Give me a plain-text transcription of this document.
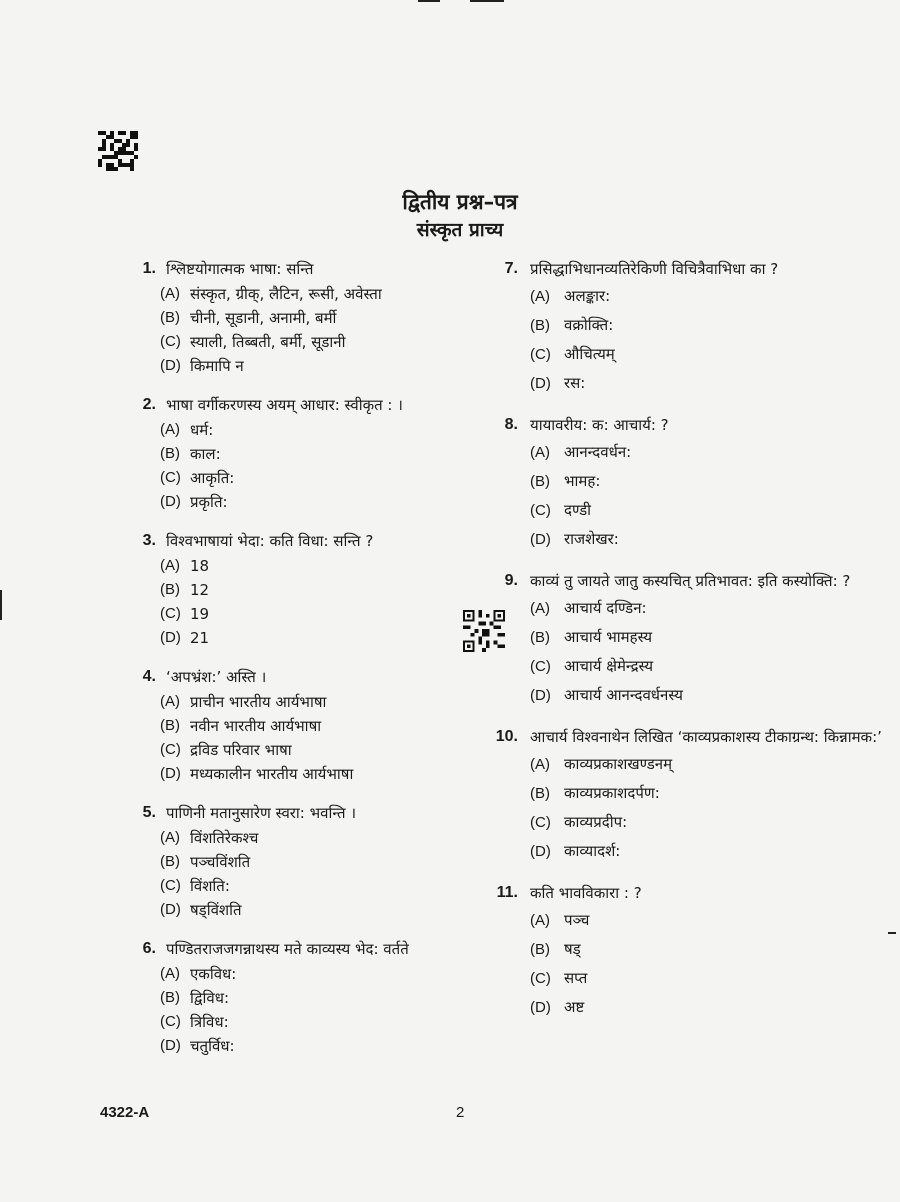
द्वितीय प्रश्न–पत्र
संस्कृत प्राच्य
1. श्लिष्टयोगात्मक भाषा: सन्ति
(A) संस्कृत, ग्रीक्, लैटिन, रूसी, अवेस्ता
(B) चीनी, सूडानी, अनामी, बर्मी
(C) स्याली, तिब्बती, बर्मी, सूडानी
(D) किमापि न
2. भाषा वर्गीकरणस्य अयम् आधार: स्वीकृत : ।
(A) धर्म:
(B) काल:
(C) आकृति:
(D) प्रकृति:
3. विश्वभाषायां भेदा: कति विधा: सन्ति ?
(A) 18
(B) 12
(C) 19
(D) 21
4. ‘अपभ्रंश:’ अस्ति ।
(A) प्राचीन भारतीय आर्यभाषा
(B) नवीन भारतीय आर्यभाषा
(C) द्रविड परिवार भाषा
(D) मध्यकालीन भारतीय आर्यभाषा
5. पाणिनी मतानुसारेण स्वरा: भवन्ति ।
(A) विंशतिरेकश्च
(B) पञ्चविंशति
(C) विंशति:
(D) षड्विंशति
6. पण्डितराजजगन्नाथस्य मते काव्यस्य भेद: वर्तते
(A) एकविध:
(B) द्विविध:
(C) त्रिविध:
(D) चतुर्विध:
7. प्रसिद्धाभिधानव्यतिरेकिणी विचित्रैवाभिधा का ?
(A) अलङ्कार:
(B) वक्रोक्ति:
(C) औचित्यम्
(D) रस:
8. यायावरीय: क: आचार्य: ?
(A) आनन्दवर्धन:
(B) भामह:
(C) दण्डी
(D) राजशेखर:
9. काव्यं तु जायते जातु कस्यचित् प्रतिभावत: इति कस्योक्ति: ?
(A) आचार्य दण्डिन:
(B) आचार्य भामहस्य
(C) आचार्य क्षेमेन्द्रस्य
(D) आचार्य आनन्दवर्धनस्य
10. आचार्य विश्वनाथेन लिखित ‘काव्यप्रकाशस्य टीकाग्रन्थ: किन्नामक:’
(A) काव्यप्रकाशखण्डनम्
(B) काव्यप्रकाशदर्पण:
(C) काव्यप्रदीप:
(D) काव्यादर्श:
11. कति भावविकारा : ?
(A) पञ्च
(B) षड्
(C) सप्त
(D) अष्ट
4322-A	2
